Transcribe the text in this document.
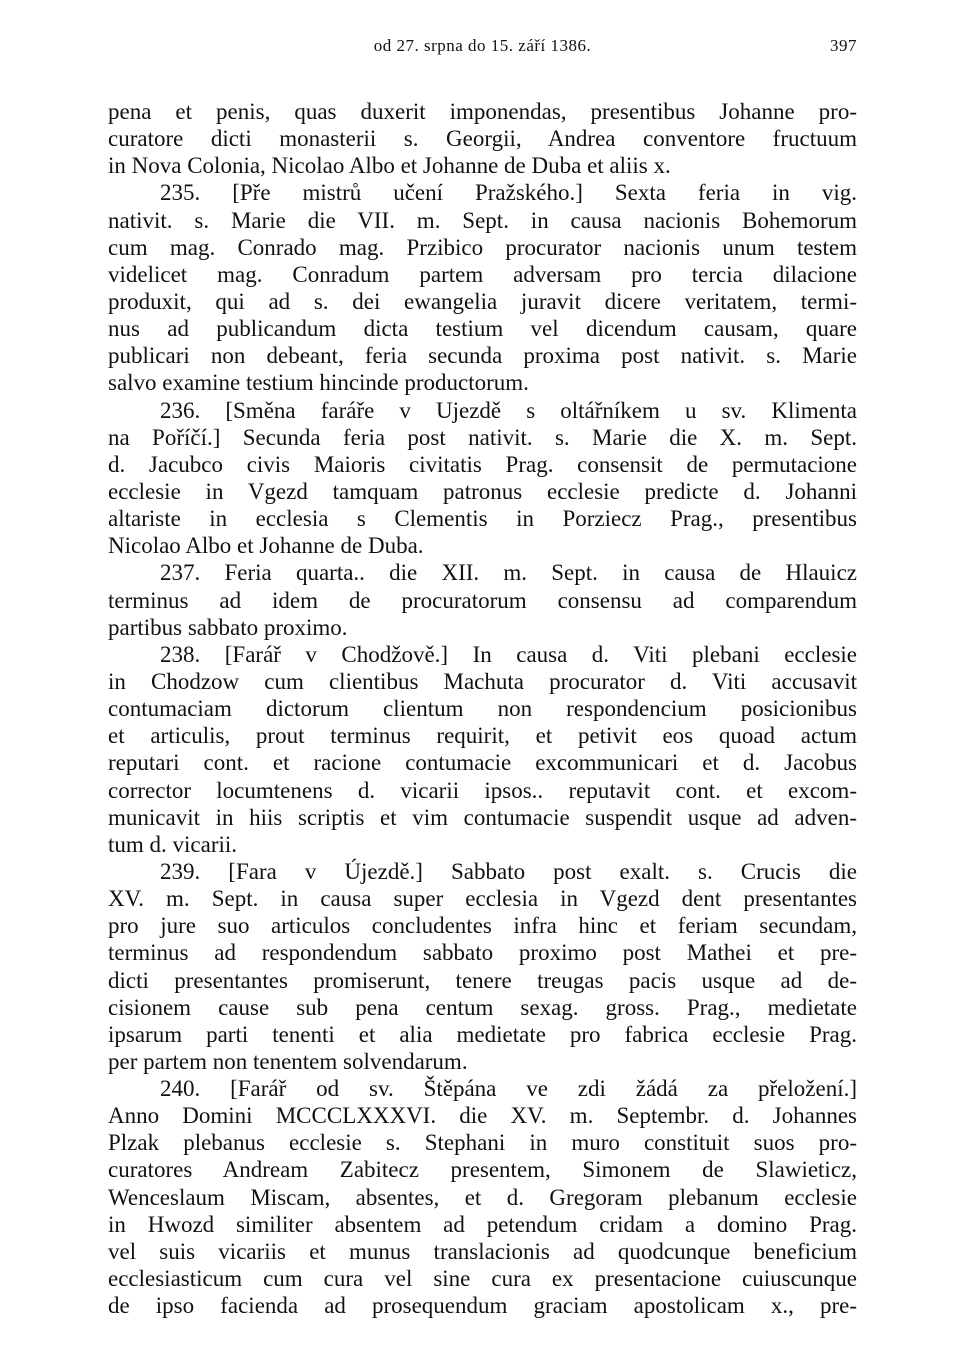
od 27. srpna do 15. září 1386.	397
pena et penis, quas duxerit imponendas, presentibus Johanne pro-
curatore dicti monasterii s. Georgii, Andrea conventore fructuum
in Nova Colonia, Nicolao Albo et Johanne de Duba et aliis x.
235. [Pře mistrů učení Pražského.] Sexta feria in vig.
nativit. s. Marie die VII. m. Sept. in causa nacionis Bohemorum
cum mag. Conrado mag. Przibico procurator nacionis unum testem
videlicet mag. Conradum partem adversam pro tercia dilacione
produxit, qui ad s. dei ewangelia juravit dicere veritatem, termi-
nus ad publicandum dicta testium vel dicendum causam, quare
publicari non debeant, feria secunda proxima post nativit. s. Marie
salvo examine testium hincinde productorum.
236. [Směna faráře v Ujezdě s oltářníkem u sv. Klimenta
na Poříčí.] Secunda feria post nativit. s. Marie die X. m. Sept.
d. Jacubco civis Maioris civitatis Prag. consensit de permutacione
ecclesie in Vgezd tamquam patronus ecclesie predicte d. Johanni
altariste in ecclesia s Clementis in Porziecz Prag., presentibus
Nicolao Albo et Johanne de Duba.
237. Feria quarta.. die XII. m. Sept. in causa de Hlauicz
terminus ad idem de procuratorum consensu ad comparendum
partibus sabbato proximo.
238. [Farář v Chodžově.] In causa d. Viti plebani ecclesie
in Chodzow cum clientibus Machuta procurator d. Viti accusavit
contumaciam dictorum clientum non respondencium posicionibus
et articulis, prout terminus requirit, et petivit eos quoad actum
reputari cont. et racione contumacie excommunicari et d. Jacobus
corrector locumtenens d. vicarii ipsos.. reputavit cont. et excom-
municavit in hiis scriptis et vim contumacie suspendit usque ad adven-
tum d. vicarii.
239. [Fara v Újezdě.] Sabbato post exalt. s. Crucis die
XV. m. Sept. in causa super ecclesia in Vgezd dent presentantes
pro jure suo articulos concludentes infra hinc et feriam secundam,
terminus ad respondendum sabbato proximo post Mathei et pre-
dicti presentantes promiserunt, tenere treugas pacis usque ad de-
cisionem cause sub pena centum sexag. gross. Prag., medietate
ipsarum parti tenenti et alia medietate pro fabrica ecclesie Prag.
per partem non tenentem solvendarum.
240. [Farář od sv. Štěpána ve zdi žádá za přeložení.]
Anno Domini MCCCLXXXVI. die XV. m. Septembr. d. Johannes
Plzak plebanus ecclesie s. Stephani in muro constituit suos pro-
curatores Andream Zabitecz presentem, Simonem de Slawieticz,
Wenceslaum Miscam, absentes, et d. Gregoram plebanum ecclesie
in Hwozd similiter absentem ad petendum cridam a domino Prag.
vel suis vicariis et munus translacionis ad quodcunque beneficium
ecclesiasticum cum cura vel sine cura ex presentacione cuiuscunque
de ipso facienda ad prosequendum graciam apostolicam x., pre-
